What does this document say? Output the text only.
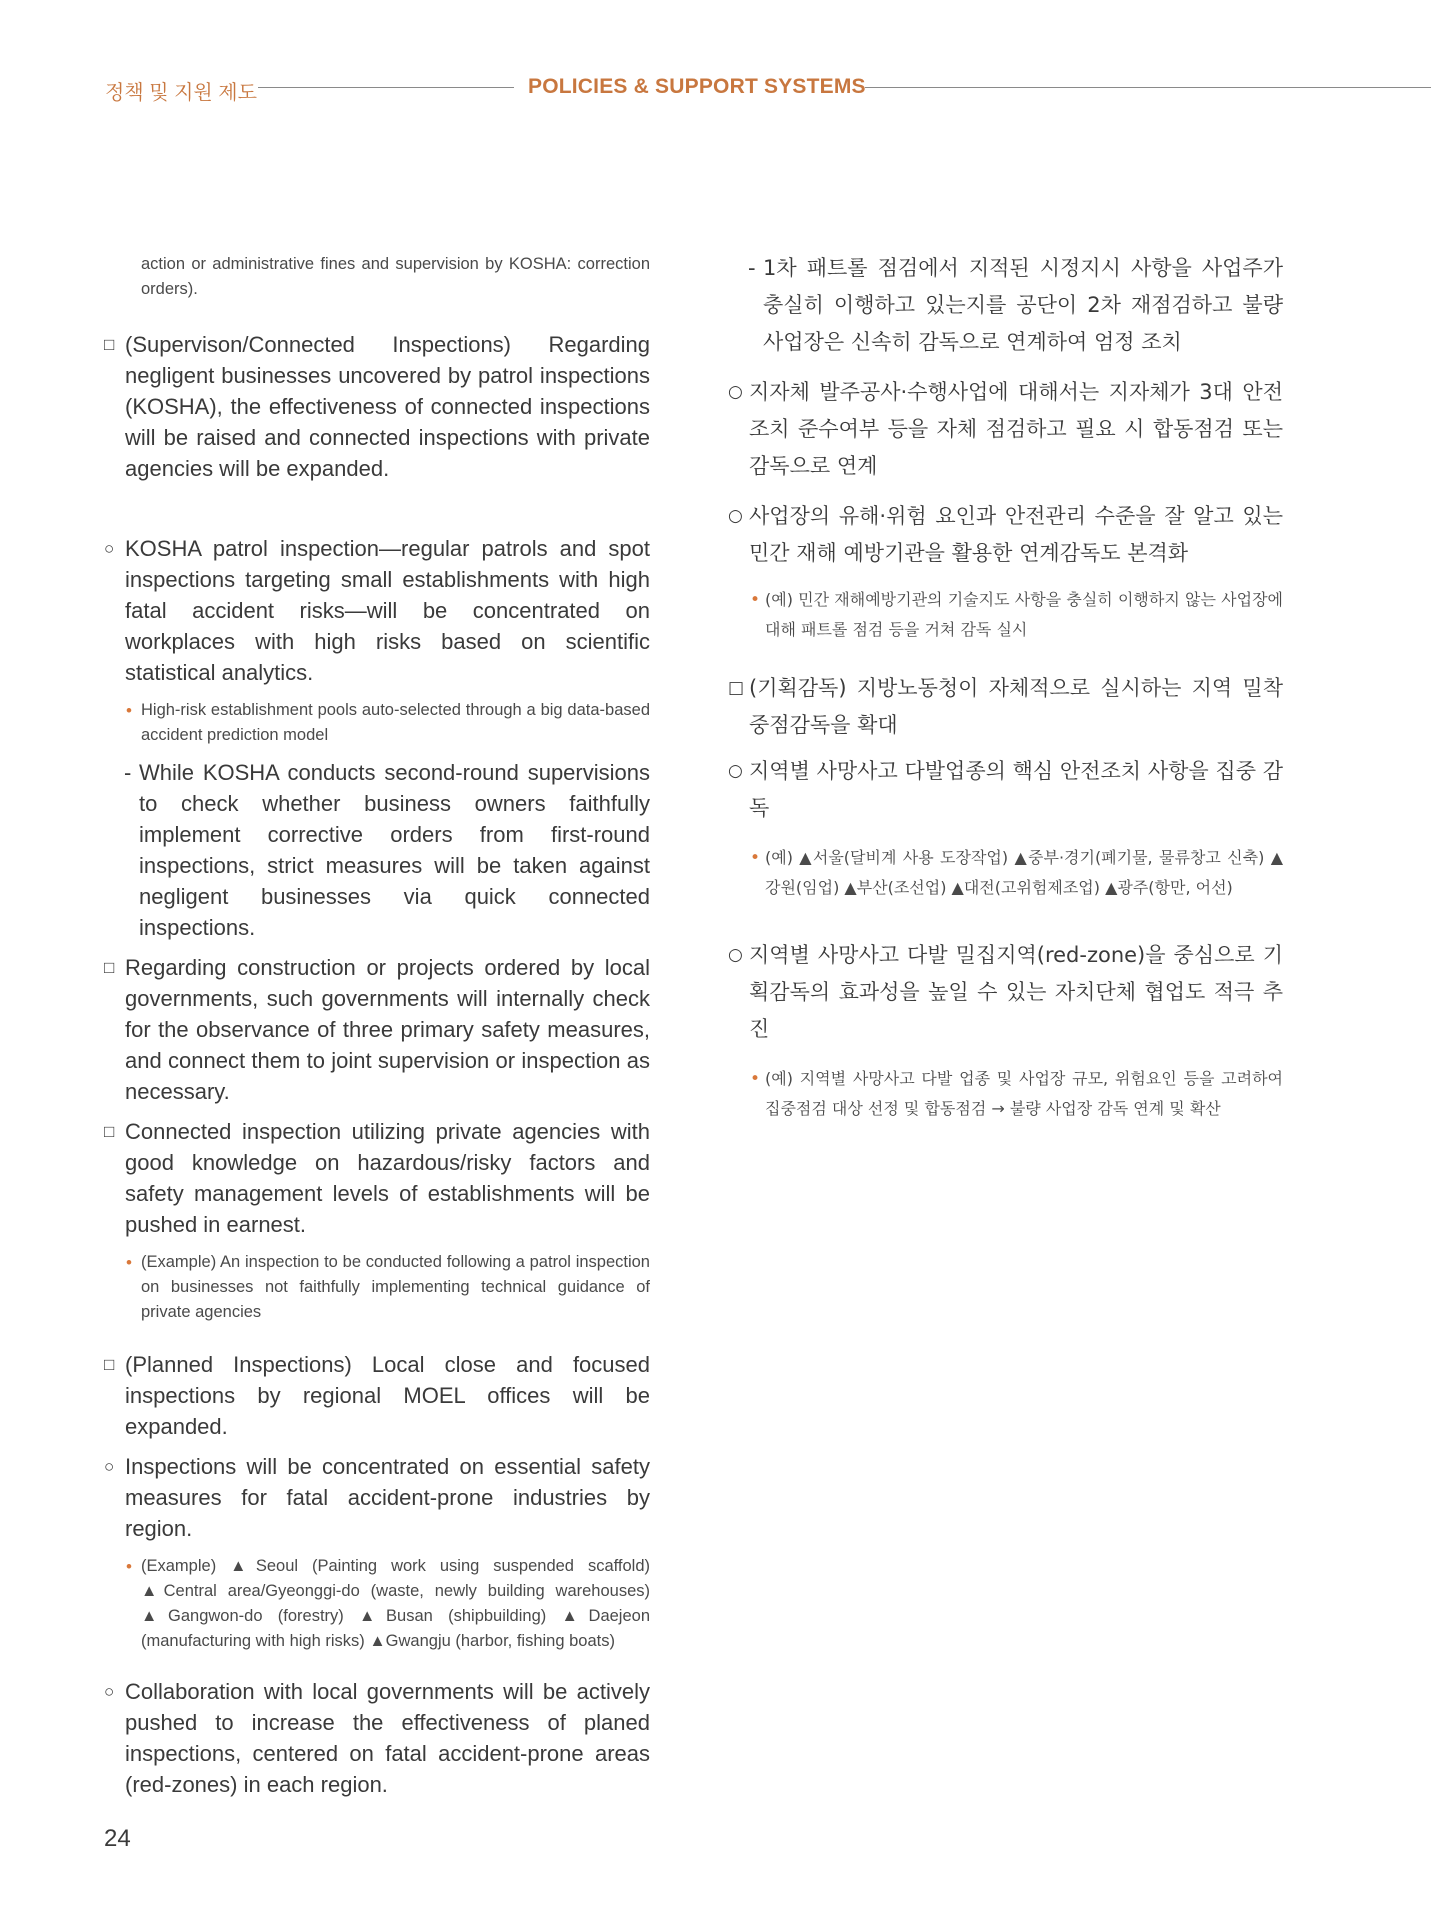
정책 및 지원 제도	POLICIES & SUPPORT SYSTEMS
action or administrative fines and supervision by KOSHA: correction orders).
□ (Supervison/Connected Inspections) Regarding negligent businesses uncovered by patrol inspections (KOSHA), the effectiveness of connected inspections will be raised and connected inspections with private agencies will be expanded.
○ KOSHA patrol inspection—regular patrols and spot inspections targeting small establishments with high fatal accident risks—will be concentrated on workplaces with high risks based on scientific statistical analytics.
• High-risk establishment pools auto-selected through a big data-based accident prediction model
- While KOSHA conducts second-round supervisions to check whether business owners faithfully implement corrective orders from first-round inspections, strict measures will be taken against negligent businesses via quick connected inspections.
□ Regarding construction or projects ordered by local governments, such governments will internally check for the observance of three primary safety measures, and connect them to joint supervision or inspection as necessary.
□ Connected inspection utilizing private agencies with good knowledge on hazardous/risky factors and safety management levels of establishments will be pushed in earnest.
• (Example) An inspection to be conducted following a patrol inspection on businesses not faithfully implementing technical guidance of private agencies
□ (Planned Inspections) Local close and focused inspections by regional MOEL offices will be expanded.
○ Inspections will be concentrated on essential safety measures for fatal accident-prone industries by region.
• (Example) ▲Seoul (Painting work using suspended scaffold) ▲Central area/Gyeonggi-do (waste, newly building warehouses) ▲Gangwon-do (forestry) ▲Busan (shipbuilding) ▲Daejeon (manufacturing with high risks) ▲Gwangju (harbor, fishing boats)
○ Collaboration with local governments will be actively pushed to increase the effectiveness of planed inspections, centered on fatal accident-prone areas (red-zones) in each region.
- 1차 패트롤 점검에서 지적된 시정지시 사항을 사업주가 충실히 이행하고 있는지를 공단이 2차 재점검하고 불량 사업장은 신속히 감독으로 연계하여 엄정 조치
○ 지자체 발주공사·수행사업에 대해서는 지자체가 3대 안전조치 준수여부 등을 자체 점검하고 필요 시 합동점검 또는 감독으로 연계
○ 사업장의 유해·위험 요인과 안전관리 수준을 잘 알고 있는 민간 재해 예방기관을 활용한 연계감독도 본격화
• (예) 민간 재해예방기관의 기술지도 사항을 충실히 이행하지 않는 사업장에 대해 패트롤 점검 등을 거쳐 감독 실시
□ (기획감독) 지방노동청이 자체적으로 실시하는 지역 밀착 중점감독을 확대
○ 지역별 사망사고 다발업종의 핵심 안전조치 사항을 집중 감독
• (예) ▲서울(달비계 사용 도장작업) ▲중부·경기(폐기물, 물류창고 신축) ▲강원(임업) ▲부산(조선업) ▲대전(고위험제조업) ▲광주(항만, 어선)
○ 지역별 사망사고 다발 밀집지역(red-zone)을 중심으로 기획감독의 효과성을 높일 수 있는 자치단체 협업도 적극 추진
• (예) 지역별 사망사고 다발 업종 및 사업장 규모, 위험요인 등을 고려하여 집중점검 대상 선정 및 합동점검 → 불량 사업장 감독 연계 및 확산
24
